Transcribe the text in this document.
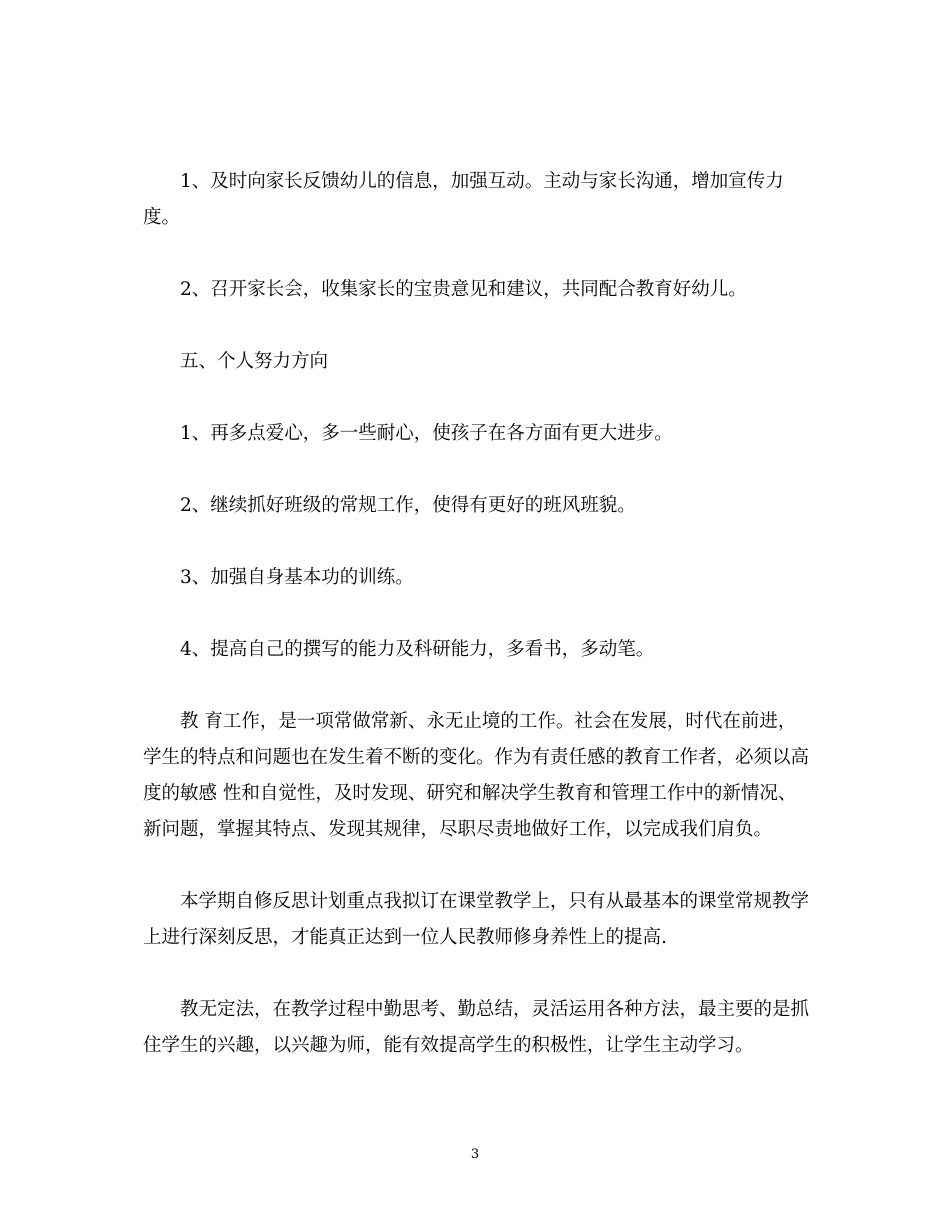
1、及时向家长反馈幼儿的信息，加强互动。主动与家长沟通，增加宣传力度。

2、召开家长会，收集家长的宝贵意见和建议，共同配合教育好幼儿。

五、个人努力方向

1、再多点爱心，多一些耐心，使孩子在各方面有更大进步。

2、继续抓好班级的常规工作，使得有更好的班风班貌。

3、加强自身基本功的训练。

4、提高自己的撰写的能力及科研能力，多看书，多动笔。

教 育工作，是一项常做常新、永无止境的工作。社会在发展，时代在前进，学生的特点和问题也在发生着不断的变化。作为有责任感的教育工作者，必须以高度的敏感 性和自觉性，及时发现、研究和解决学生教育和管理工作中的新情况、新问题，掌握其特点、发现其规律，尽职尽责地做好工作，以完成我们肩负。

本学期自修反思计划重点我拟订在课堂教学上，只有从最基本的课堂常规教学上进行深刻反思，才能真正达到一位人民教师修身养性上的提高.

教无定法，在教学过程中勤思考、勤总结，灵活运用各种方法，最主要的是抓住学生的兴趣，以兴趣为师，能有效提高学生的积极性，让学生主动学习。

3
